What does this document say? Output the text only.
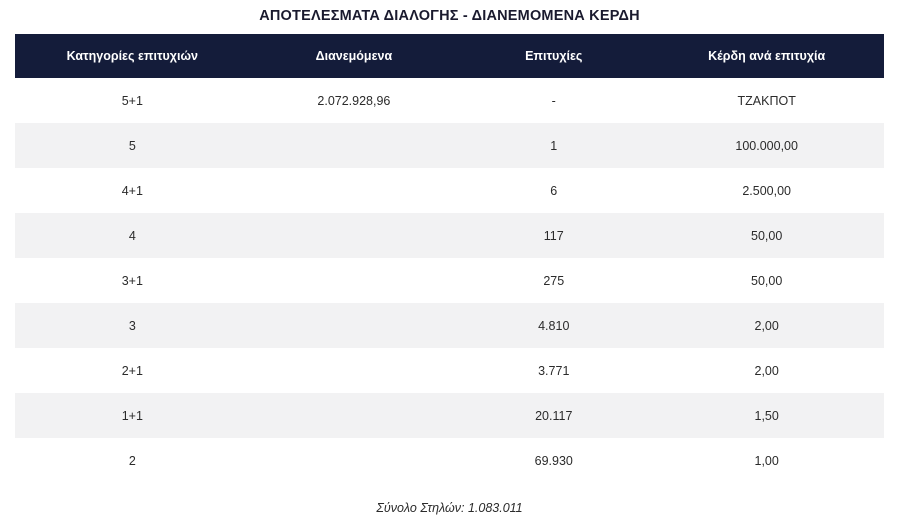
ΑΠΟΤΕΛΕΣΜΑΤΑ ΔΙΑΛΟΓΗΣ - ΔΙΑΝΕΜΟΜΕΝΑ ΚΕΡΔΗ
Κατηγορίες επιτυχιών	Διανεμόμενα	Επιτυχίες	Κέρδη ανά επιτυχία
5+1	2.072.928,96	-	ΤΖΑΚΠΟΤ
5		1	100.000,00
4+1		6	2.500,00
4		117	50,00
3+1		275	50,00
3		4.810	2,00
2+1		3.771	2,00
1+1		20.117	1,50
2		69.930	1,00
Σύνολο Στηλών: 1.083.011
